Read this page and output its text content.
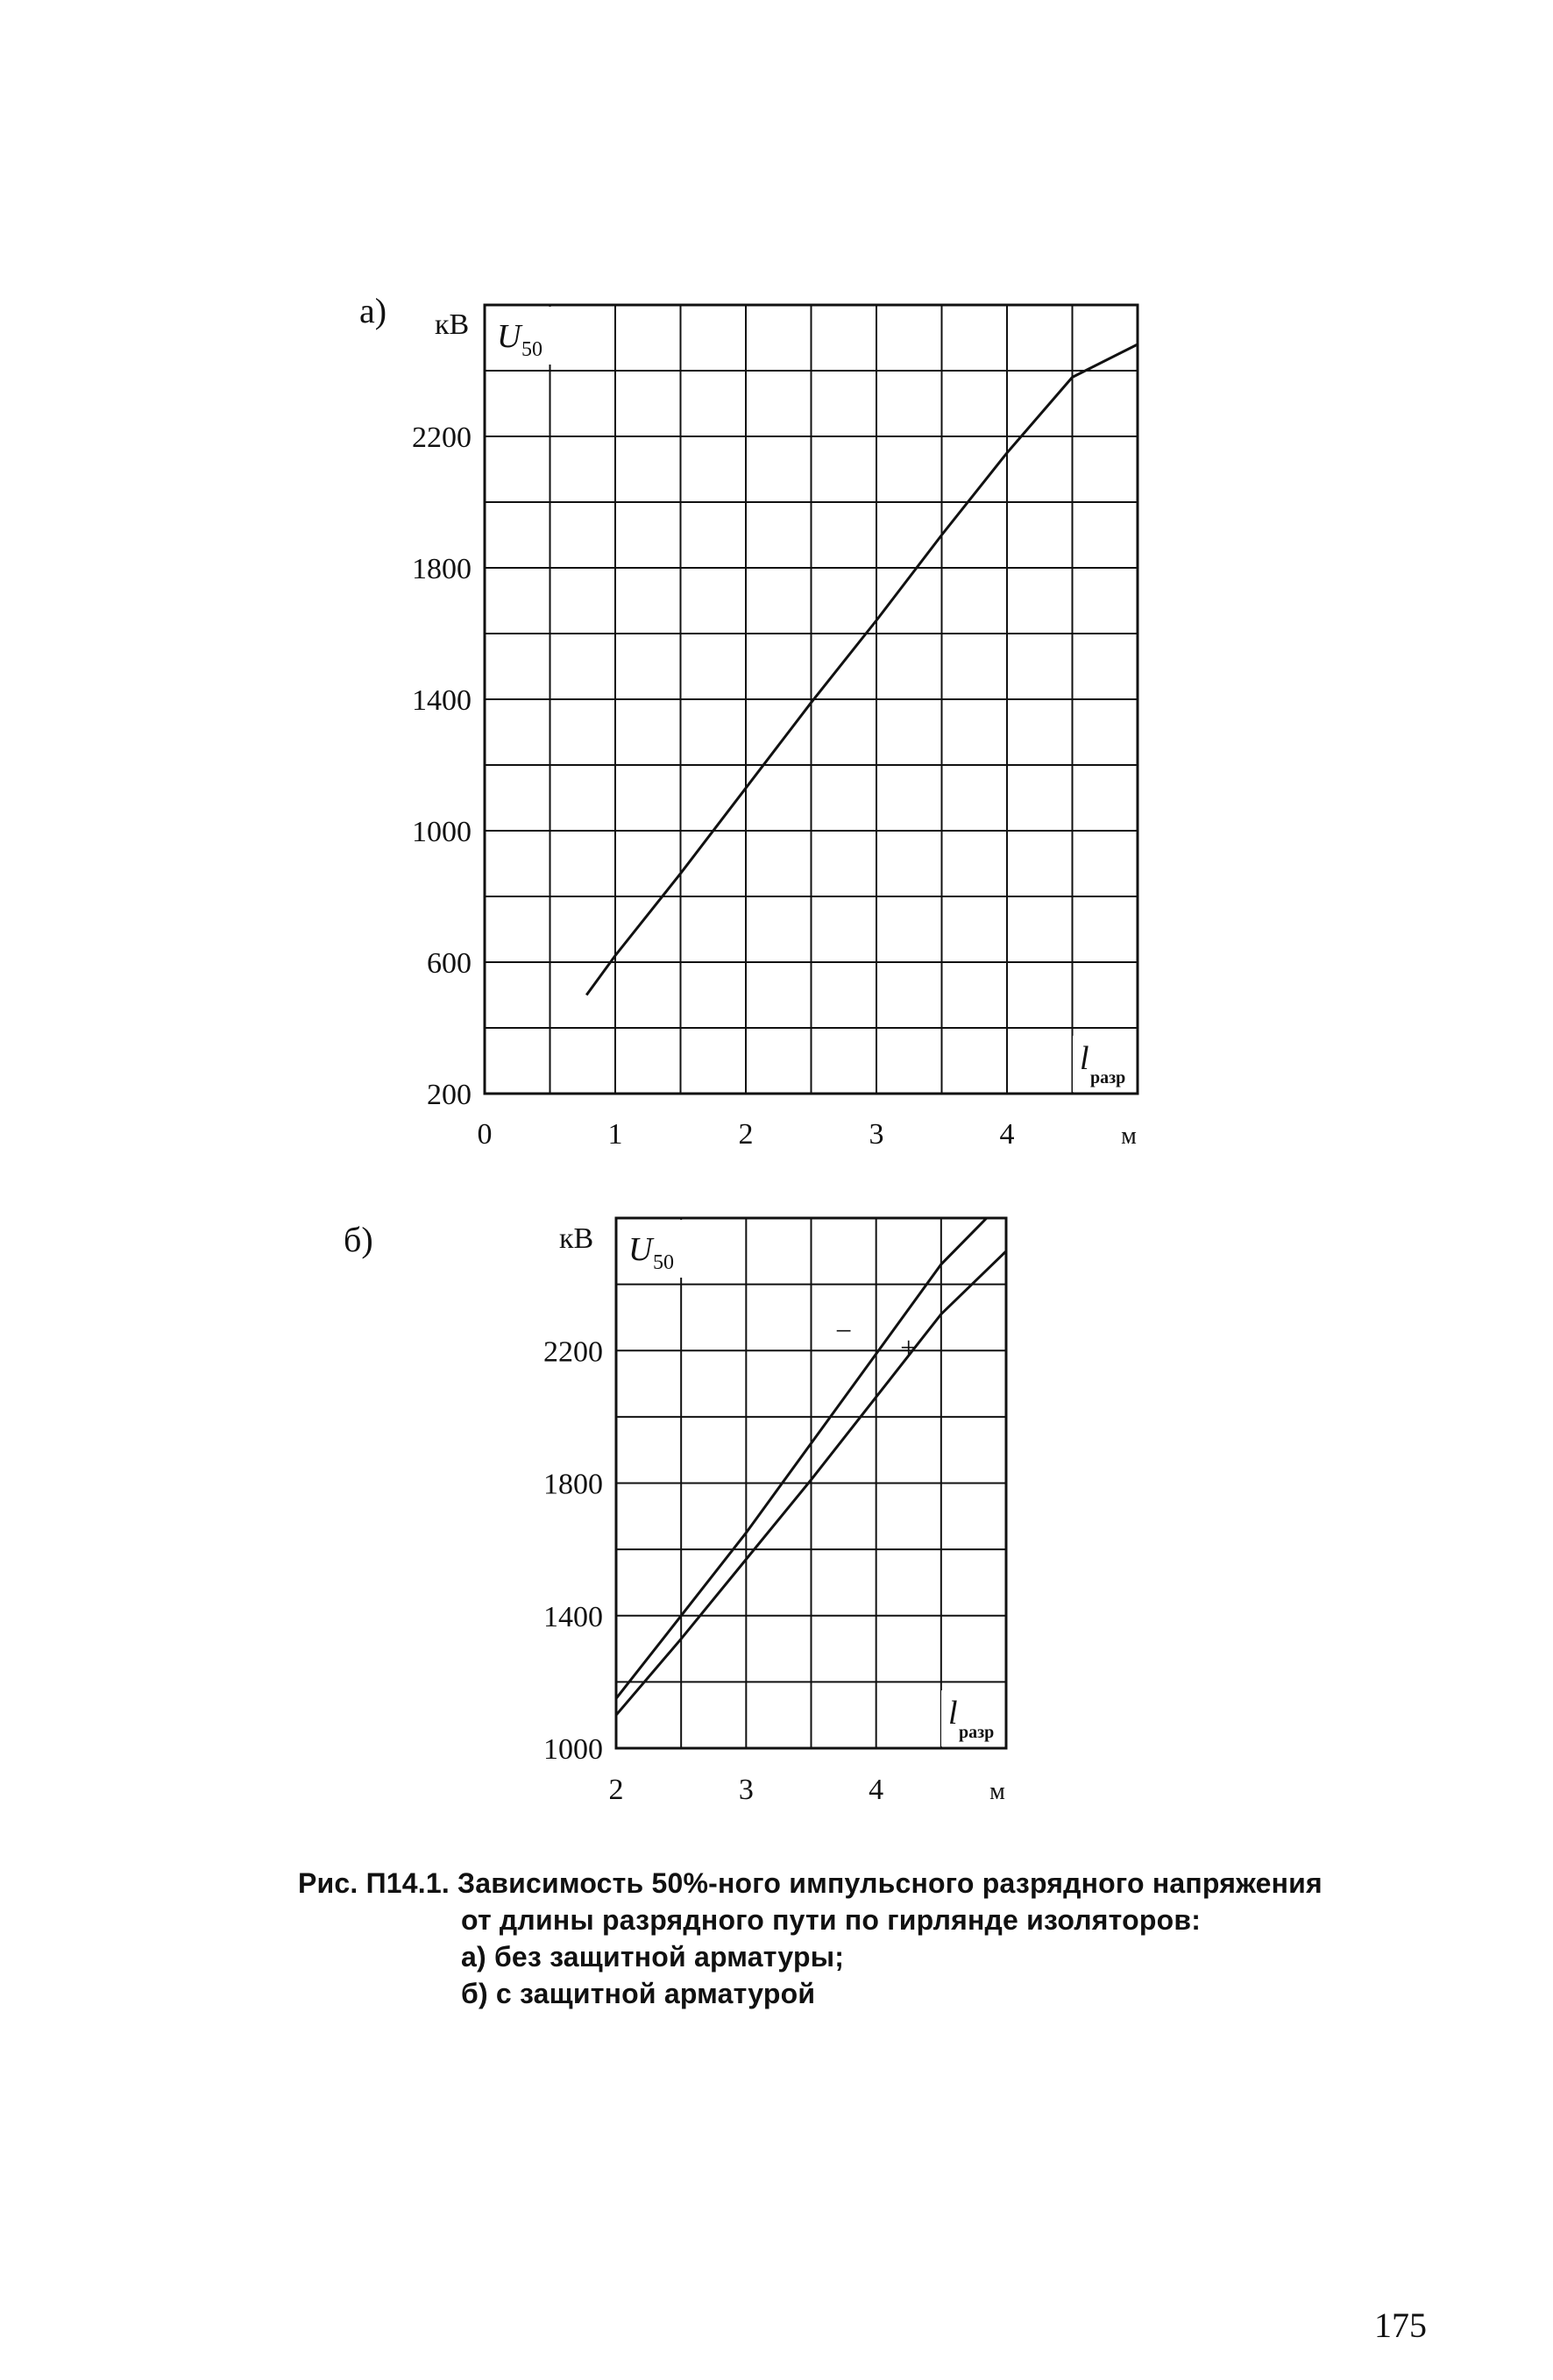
200
600
1000
1400
1800
2200
0	1	2	3	4	м
а) кВ U 50
l
разр
1000
1400
1800
2200
2	3	4	м
б)	кВ U 50
l
разр
−
+
Рис. П14.1. Зависимость 50%-ного импульсного разрядного напряжения
от длины разрядного пути по гирлянде изоляторов:
а) без защитной арматуры;
б) с защитной арматурой
175
